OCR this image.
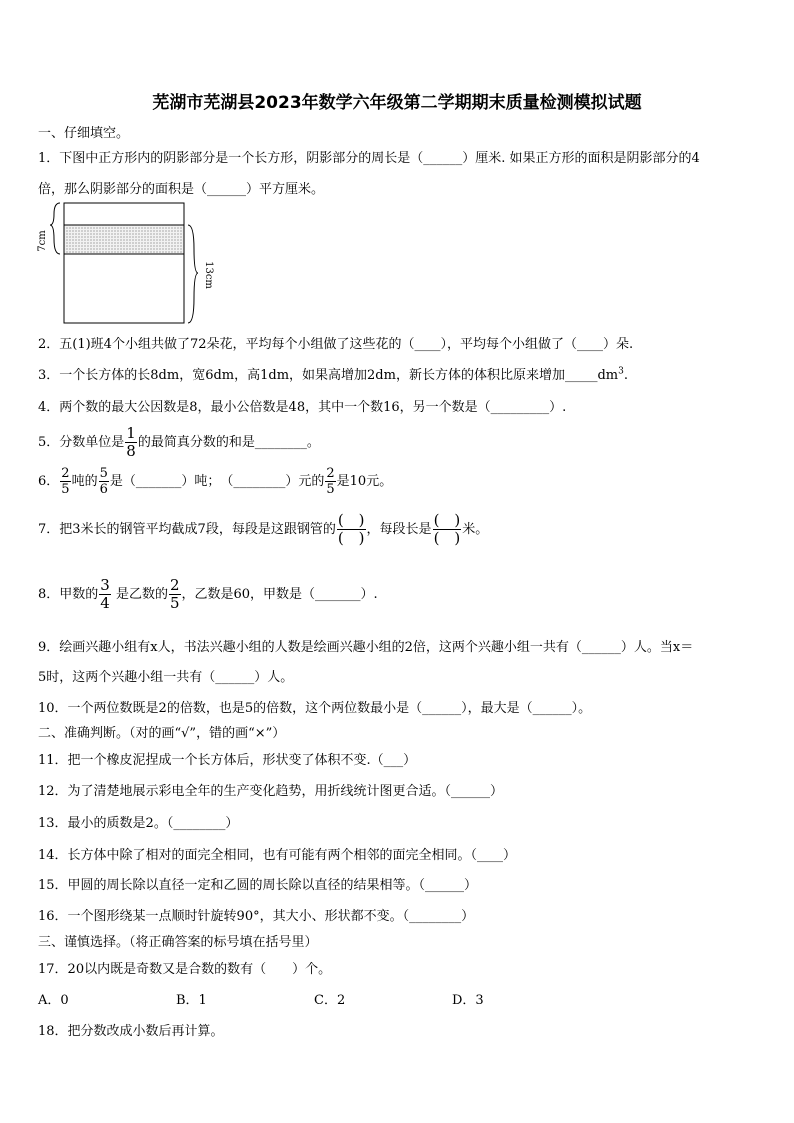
芜湖市芜湖县2023年数学六年级第二学期期末质量检测模拟试题
一、仔细填空。
1．下图中正方形内的阴影部分是一个长方形，阴影部分的周长是（______）厘米. 如果正方形的面积是阴影部分的4
倍，那么阴影部分的面积是（______）平方厘米。
7cm
13cm
2．五(1)班4个小组共做了72朵花，平均每个小组做了这些花的（____），平均每个小组做了（____）朵.
3．一个长方体的长8dm，宽6dm，高1dm，如果高增加2dm，新长方体的体积比原来增加$\_\_\_\_\_dm^3$.
4．两个数的最大公因数是8，最小公倍数是48，其中一个数16，另一个数是（_________）.
5．分数单位是 $\frac{1}{8}$ 的最简真分数的和是________。
6． $\frac{2}{5}$ 吨的 $\frac{5}{6}$ 是（_______）吨；　（________）元的 $\frac{2}{5}$ 是10元。
7．把3米长的钢管平均截成7段，每段是这跟钢管的 $\frac{( )}{( )}$ ，每段长是 $\frac{( )}{( )}$ 米。
8．甲数的 $\frac{3}{4}$ 是乙数的 $\frac{2}{5}$ ，乙数是60，甲数是（_______）.
9．绘画兴趣小组有x人，书法兴趣小组的人数是绘画兴趣小组的2倍，这两个兴趣小组一共有（______）人。当x＝
5时，这两个兴趣小组一共有（______）人。
10．一个两位数既是2的倍数，也是5的倍数，这个两位数最小是（______），最大是（______）。
二、准确判断。（对的画“√”，错的画“×”）
11．把一个橡皮泥捏成一个长方体后，形状变了体积不变.（___）
12．为了清楚地展示彩电全年的生产变化趋势，用折线统计图更合适。（______）
13．最小的质数是2。（________）
14．长方体中除了相对的面完全相同，也有可能有两个相邻的面完全相同。（____）
15．甲圆的周长除以直径一定和乙圆的周长除以直径的结果相等。（______）
16．一个图形绕某一点顺时针旋转90°，其大小、形状都不变。（________）
三、谨慎选择。（将正确答案的标号填在括号里）
17．20以内既是奇数又是合数的数有（　　）个。
A．0	B．1	C．2	D．3
18．把分数改成小数后再计算。
